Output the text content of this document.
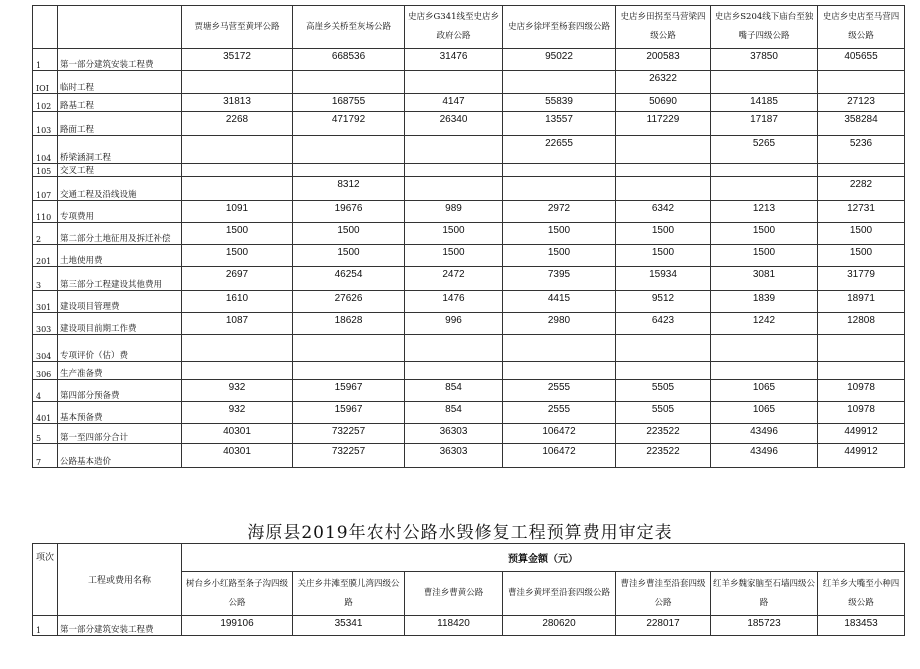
		贾塘乡马营至黄坪公路	高崖乡关桥至灰场公路	史店乡G341线至史店乡政府公路	史店乡徐坪至杨套四级公路	史店乡田拐至马营梁四级公路	史店乡S204线下庙台至独嘴子四级公路	史店乡史店至马营四级公路
1	第一部分建筑安装工程费	35172	668536	31476	95022	200583	37850	405655
IOI	临时工程					26322		
102	路基工程	31813	168755	4147	55839	50690	14185	27123
103	路面工程	2268	471792	26340	13557	117229	17187	358284
104	桥梁涵洞工程				22655		5265	5236
105	交叉工程							
107	交通工程及沿线设施		8312					2282
110	专项费用	1091	19676	989	2972	6342	1213	12731
2	第二部分土地征用及拆迁补偿	1500	1500	1500	1500	1500	1500	1500
201	土地使用费	1500	1500	1500	1500	1500	1500	1500
3	第三部分工程建设其他费用	2697	46254	2472	7395	15934	3081	31779
301	建设项目管理费	1610	27626	1476	4415	9512	1839	18971
303	建设项目前期工作费	1087	18628	996	2980	6423	1242	12808
304	专项评价（估）费							
306	生产准备费							
4	第四部分预备费	932	15967	854	2555	5505	1065	10978
401	基本预备费	932	15967	854	2555	5505	1065	10978
5	第一至四部分合计	40301	732257	36303	106472	223522	43496	449912
7	公路基本造价	40301	732257	36303	106472	223522	43496	449912
海原县2019年农村公路水毁修复工程预算费用审定表
项次	工程或费用名称	预算金额（元）						
		树台乡小红路至条子沟四级公路	关庄乡井滩至膜儿湾四级公路	曹洼乡曹黄公路	曹洼乡黄坪至沿套四级公路	曹洼乡曹洼至沿套四级公路	红羊乡魏家脑至石墙四级公路	红羊乡大嘴至小种四级公路
1	第一部分建筑安装工程费	199106	35341	118420	280620	228017	185723	183453
